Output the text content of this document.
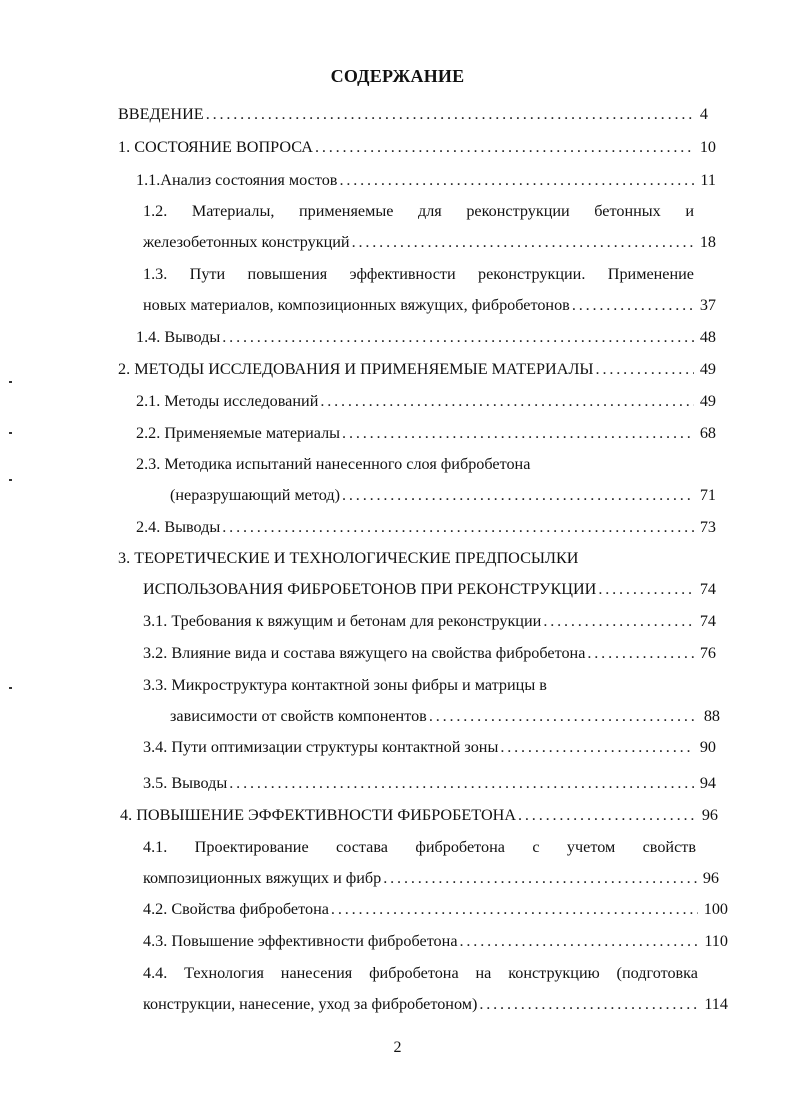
СОДЕРЖАНИЕ
ВВЕДЕНИЕ . . .	4
1. СОСТОЯНИЕ ВОПРОСА . . .	10
1.1.Анализ состояния мостов . . .	11
1.2. Материалы, применяемые для реконструкции бетонных и
железобетонных конструкций . . .	18
1.3. Пути повышения эффективности реконструкции. Применение
новых материалов, композиционных вяжущих, фибробетонов . . .	37
1.4. Выводы . . .	48
2. МЕТОДЫ ИССЛЕДОВАНИЯ И ПРИМЕНЯЕМЫЕ МАТЕРИАЛЫ . . .	49
2.1. Методы исследований . . .	49
2.2. Применяемые материалы . . .	68
2.3. Методика испытаний нанесенного слоя фибробетона
(неразрушающий метод) . . .	71
2.4. Выводы . . .	73
3. ТЕОРЕТИЧЕСКИЕ И ТЕХНОЛОГИЧЕСКИЕ ПРЕДПОСЫЛКИ
ИСПОЛЬЗОВАНИЯ ФИБРОБЕТОНОВ ПРИ РЕКОНСТРУКЦИИ . . .	74
3.1. Требования к вяжущим и бетонам для реконструкции . . .	74
3.2. Влияние вида и состава вяжущего на свойства фибробетона . . .	76
3.3. Микроструктура контактной зоны фибры и матрицы в
зависимости от свойств компонентов . . .	88
3.4. Пути оптимизации структуры контактной зоны . . .	90
3.5. Выводы . . .	94
4. ПОВЫШЕНИЕ ЭФФЕКТИВНОСТИ ФИБРОБЕТОНА . . .	96
4.1. Проектирование состава фибробетона с учетом свойств
композиционных вяжущих и фибр . . .	96
4.2. Свойства фибробетона . . .	100
4.3. Повышение эффективности фибробетона . . .	110
4.4. Технология нанесения фибробетона на конструкцию (подготовка
конструкции, нанесение, уход за фибробетоном) . . .	114
2
